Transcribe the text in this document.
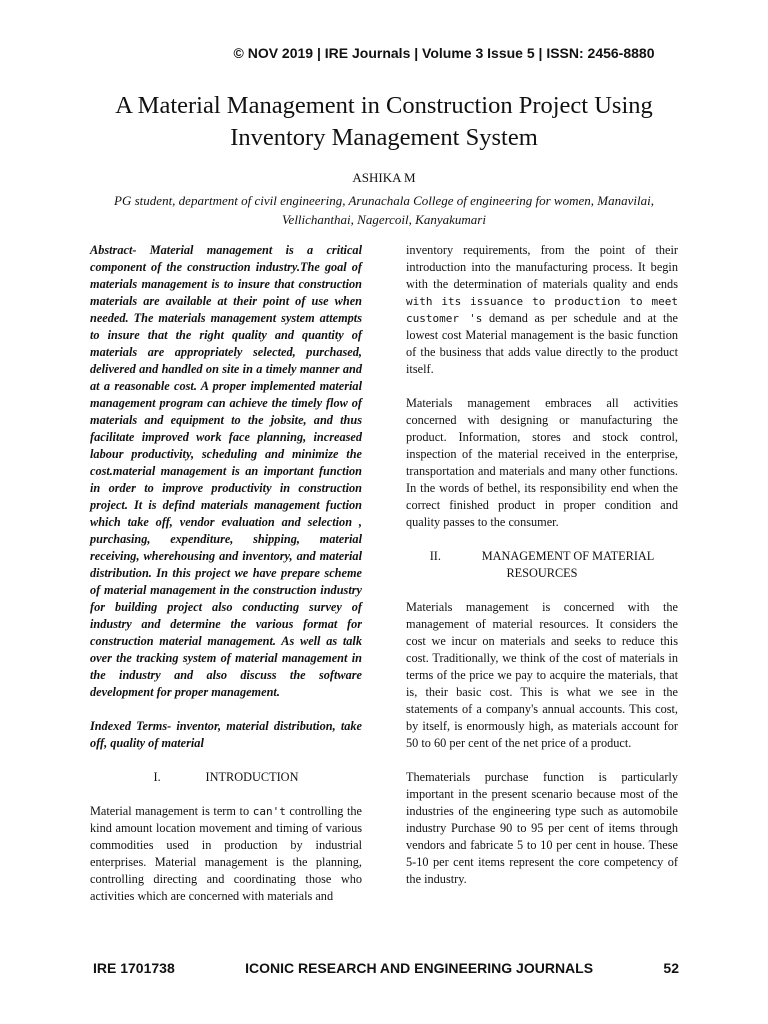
© NOV 2019 | IRE Journals | Volume 3 Issue 5 | ISSN: 2456-8880
A Material Management in Construction Project Using
Inventory Management System
ASHIKA M
PG student, department of civil engineering, Arunachala College of engineering for women, Manavilai,
Vellichanthai, Nagercoil, Kanyakumari

Abstract- Material management is a critical component of the construction industry.The goal of materials management is to insure that construction materials are available at their point of use when needed. The materials management system attempts to insure that the right quality and quantity of materials are appropriately selected, purchased, delivered and handled on site in a timely manner and at a reasonable cost. A proper implemented material management program can achieve the timely flow of materials and equipment to the jobsite, and thus facilitate improved work face planning, increased labour productivity, scheduling and minimize the cost.material management is an important function in order to improve productivity in construction project. It is defind materials management fuction which take off, vendor evaluation and selection , purchasing, expenditure, shipping, material receiving, wherehousing and inventory, and material distribution. In this project we have prepare scheme of material management in the construction industry for building project also conducting survey of industry and determine the various format for construction material management. As well as talk over the tracking system of material management in the industry and also discuss the software development for proper management.

Indexed Terms- inventor, material distribution, take off, quality of material

I.	INTRODUCTION

Material management is term to can't controlling the kind amount location movement and timing of various commodities used in production by industrial enterprises. Material management is the planning, controlling directing and coordinating those who activities which are concerned with materials and

inventory requirements, from the point of their introduction into the manufacturing process. It begin with the determination of materials quality and ends with its issuance to production to meet customer 's demand as per schedule and at the lowest cost Material management is the basic function of the business that adds value directly to the product itself.

Materials management embraces all activities concerned with designing or manufacturing the product. Information, stores and stock control, inspection of the material received in the enterprise, transportation and materials and many other functions. In the words of bethel, its responsibility end when the correct finished product in proper condition and quality passes to the consumer.

II.	MANAGEMENT OF MATERIAL
RESOURCES

Materials management is concerned with the management of material resources. It considers the cost we incur on materials and seeks to reduce this cost. Traditionally, we think of the cost of materials in terms of the price we pay to acquire the materials, that is, their basic cost. This is what we see in the statements of a company's annual accounts. This cost, by itself, is enormously high, as materials account for 50 to 60 per cent of the net price of a product.

Thematerials purchase function is particularly important in the present scenario because most of the industries of the engineering type such as automobile industry Purchase 90 to 95 per cent of items through vendors and fabricate 5 to 10 per cent in house. These 5-10 per cent items represent the core competency of the industry.

IRE 1701738	ICONIC RESEARCH AND ENGINEERING JOURNALS	52
